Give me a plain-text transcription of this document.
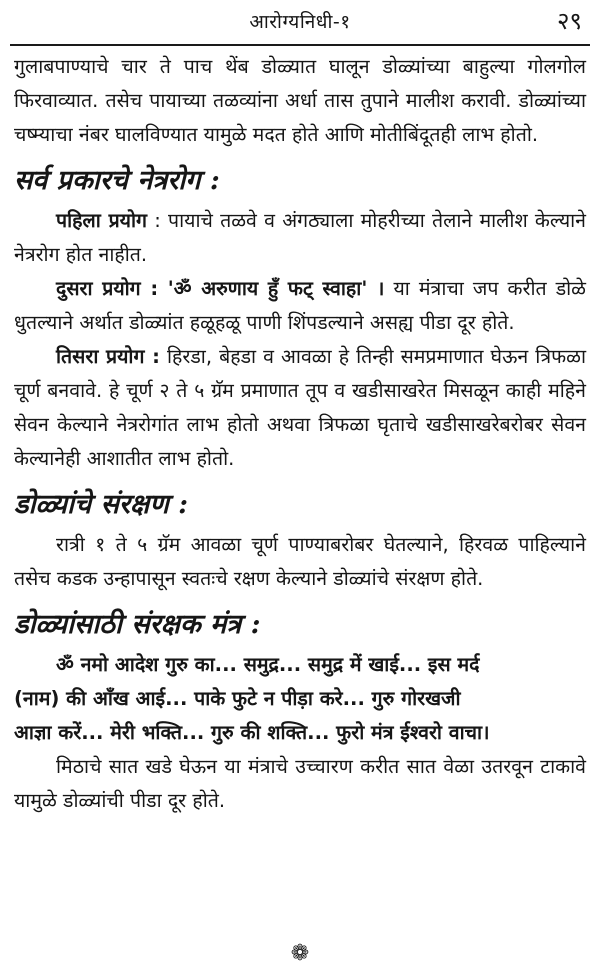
आरोग्यनिधी-१	२९

गुलाबपाण्याचे चार ते पाच थेंब डोळ्यात घालून डोळ्यांच्या बाहुल्या गोलगोल फिरवाव्यात. तसेच पायाच्या तळव्यांना अर्धा तास तुपाने मालीश करावी. डोळ्यांच्या चष्म्याचा नंबर घालविण्यात यामुळे मदत होते आणि मोतीबिंदूतही लाभ होतो.

सर्व प्रकारचे नेत्ररोग :

पहिला प्रयोग : पायाचे तळवे व अंगठ्याला मोहरीच्या तेलाने मालीश केल्याने नेत्ररोग होत नाहीत.

दुसरा प्रयोग : 'ॐ अरुणाय हुँ फट् स्वाहा' । या मंत्राचा जप करीत डोळे धुतल्याने अर्थात डोळ्यांत हळूहळू पाणी शिंपडल्याने असह्य पीडा दूर होते.

तिसरा प्रयोग : हिरडा, बेहडा व आवळा हे तिन्ही समप्रमाणात घेऊन त्रिफळा चूर्ण बनवावे. हे चूर्ण २ ते ५ ग्रॅम प्रमाणात तूप व खडीसाखरेत मिसळून काही महिने सेवन केल्याने नेत्ररोगांत लाभ होतो अथवा त्रिफळा घृताचे खडीसाखरेबरोबर सेवन केल्यानेही आशातीत लाभ होतो.

डोळ्यांचे संरक्षण :

रात्री १ ते ५ ग्रॅम आवळा चूर्ण पाण्याबरोबर घेतल्याने, हिरवळ पाहिल्याने तसेच कडक उन्हापासून स्वतःचे रक्षण केल्याने डोळ्यांचे संरक्षण होते.

डोळ्यांसाठी संरक्षक मंत्र :

ॐ नमो आदेश गुरु का... समुद्र... समुद्र में खाई... इस मर्द

(नाम) की आँख आई... पाके फुटे न पीड़ा करे... गुरु गोरखजी

आज्ञा करें... मेरी भक्ति... गुरु की शक्ति... फुरो मंत्र ईश्वरो वाचा।

मिठाचे सात खडे घेऊन या मंत्राचे उच्चारण करीत सात वेळा उतरवून टाकावे यामुळे डोळ्यांची पीडा दूर होते.

❁
